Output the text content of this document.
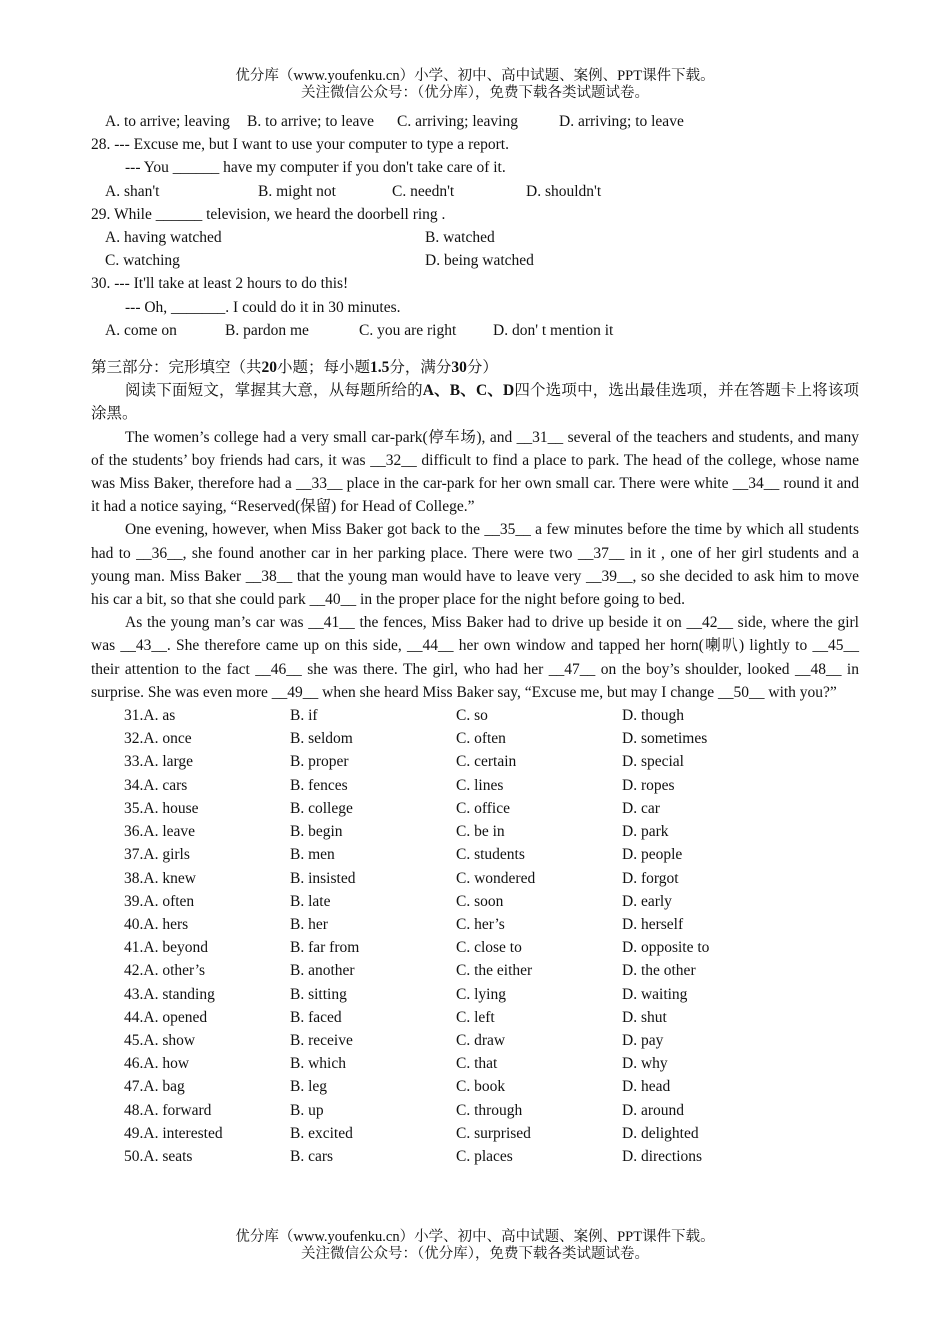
优分库（www.youfenku.cn）小学、初中、高中试题、案例、PPT课件下载。
关注微信公众号：（优分库），免费下载各类试题试卷。
A. to arrive; leaving	B. to arrive; to leave	C. arriving; leaving	D. arriving; to leave
28. --- Excuse me, but I want to use your computer to type a report.
--- You ______ have my computer if you don't take care of it.
A. shan't	B. might not	C. needn't	D. shouldn't
29. While ______ television, we heard the doorbell ring .
A. having watched	B. watched
C. watching	D. being watched
30. --- It'll take at least 2 hours to do this!
--- Oh, _______. I could do it in 30 minutes.
A. come on	B. pardon me	C. you are right	D. don' t mention it
第三部分：完形填空（共20小题；每小题1.5分，满分30分）
阅读下面短文，掌握其大意，从每题所给的A、B、C、D四个选项中，选出最佳选项，并在答题卡上将该项涂黑。
The women’s college had a very small car-park(停车场), and __31__ several of the teachers and students, and many of the students’ boy friends had cars, it was __32__ difficult to find a place to park. The head of the college, whose name was Miss Baker, therefore had a __33__ place in the car-park for her own small car. There were white __34__ round it and it had a notice saying, “Reserved(保留) for Head of College.”
One evening, however, when Miss Baker got back to the __35__ a few minutes before the time by which all students had to __36__, she found another car in her parking place. There were two __37__ in it , one of her girl students and a young man. Miss Baker __38__ that the young man would have to leave very __39__, so she decided to ask him to move his car a bit, so that she could park __40__ in the proper place for the night before going to bed.
As the young man’s car was __41__ the fences, Miss Baker had to drive up beside it on __42__ side, where the girl was __43__. She therefore came up on this side, __44__ her own window and tapped her horn(喇叭) lightly to __45__ their attention to the fact __46__ she was there. The girl, who had her __47__ on the boy’s shoulder, looked __48__ in surprise. She was even more __49__ when she heard Miss Baker say, “Excuse me, but may I change __50__ with you?”
31.A. as	B. if	C. so	D. though
32.A. once	B. seldom	C. often	D. sometimes
33.A. large	B. proper	C. certain	D. special
34.A. cars	B. fences	C. lines	D. ropes
35.A. house	B. college	C. office	D. car
36.A. leave	B. begin	C. be in	D. park
37.A. girls	B. men	C. students	D. people
38.A. knew	B. insisted	C. wondered	D. forgot
39.A. often	B. late	C. soon	D. early
40.A. hers	B. her	C. her’s	D. herself
41.A. beyond	B. far from	C. close to	D. opposite to
42.A. other’s	B. another	C. the either	D. the other
43.A. standing	B. sitting	C. lying	D. waiting
44.A. opened	B. faced	C. left	D. shut
45.A. show	B. receive	C. draw	D. pay
46.A. how	B. which	C. that	D. why
47.A. bag	B. leg	C. book	D. head
48.A. forward	B. up	C. through	D. around
49.A. interested	B. excited	C. surprised	D. delighted
50.A. seats	B. cars	C. places	D. directions
优分库（www.youfenku.cn）小学、初中、高中试题、案例、PPT课件下载。
关注微信公众号：（优分库），免费下载各类试题试卷。
